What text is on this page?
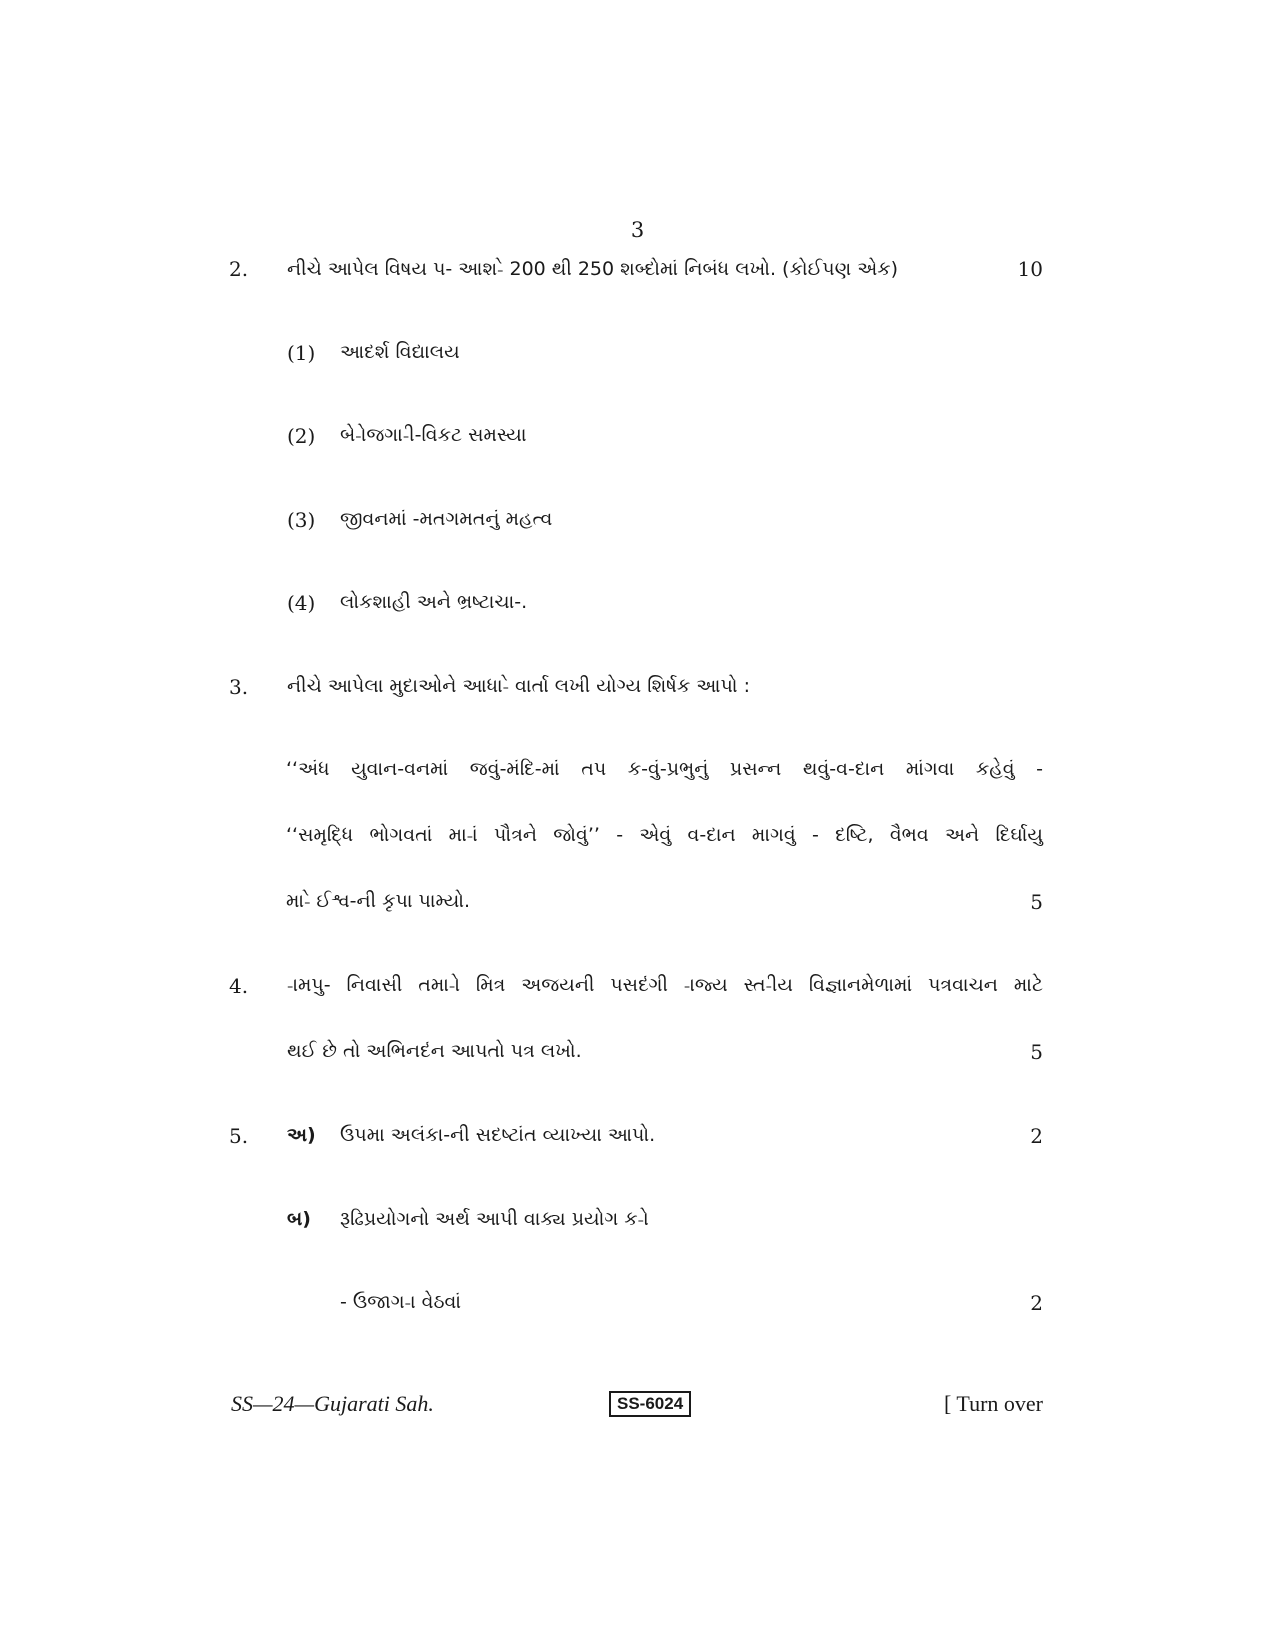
3
2. નીચે આપેલ વિષય પ- આશ-ે 200 થી 250 શબ્દોમાં નિબંધ લખો. (કોઈપણ એક)	10
(1) આદર્શ વિદ્યાલય
(2) બે-ોજગા-ી-વિકટ સમસ્યા
(3) જીવનમાં -મતગમતનું મહત્વ
(4) લોકશાહી અને ભ્રષ્ટાચા-.
3. નીચે આપેલા મુદાઓને આધા-ે વાર્તા લખી યોગ્ય શિર્ષક આપો :
‘‘અંધ યુવાન-વનમાં જવું-મંદિ-માં તપ ક-વું-પ્રભુનું પ્રસન્ન થવું-વ-દાન માંગવા કહેવું -
‘‘સમૃદ્ધિ ભોગવતાં મા-ાં પૌત્રને જોવું’’ - એવું વ-દાન માગવું - દષ્ટિ, વૈભવ અને દિર્ઘાયુ
મા-ે ઈશ્વ-ની કૃપા પામ્યો.	5
4. -ામપુ- નિવાસી તમા-ો મિત્ર અજયની પસદંગી -ાજ્ય સ્ત-ીય વિજ્ઞાનમેળામાં પત્રવાચન માટે
થઈ છે તો અભિનદંન આપતો પત્ર લખો.	5
5. અ) ઉપમા અલંકા-ની સદષ્ટાંત વ્યાખ્યા આપો.	2
બ) રૂઢિપ્રયોગનો અર્થ આપી વાક્ય પ્રયોગ ક-ો
- ઉજાગ-ા વેઠવાં	2
SS—24—Gujarati Sah.	SS-6024	[ Turn over
